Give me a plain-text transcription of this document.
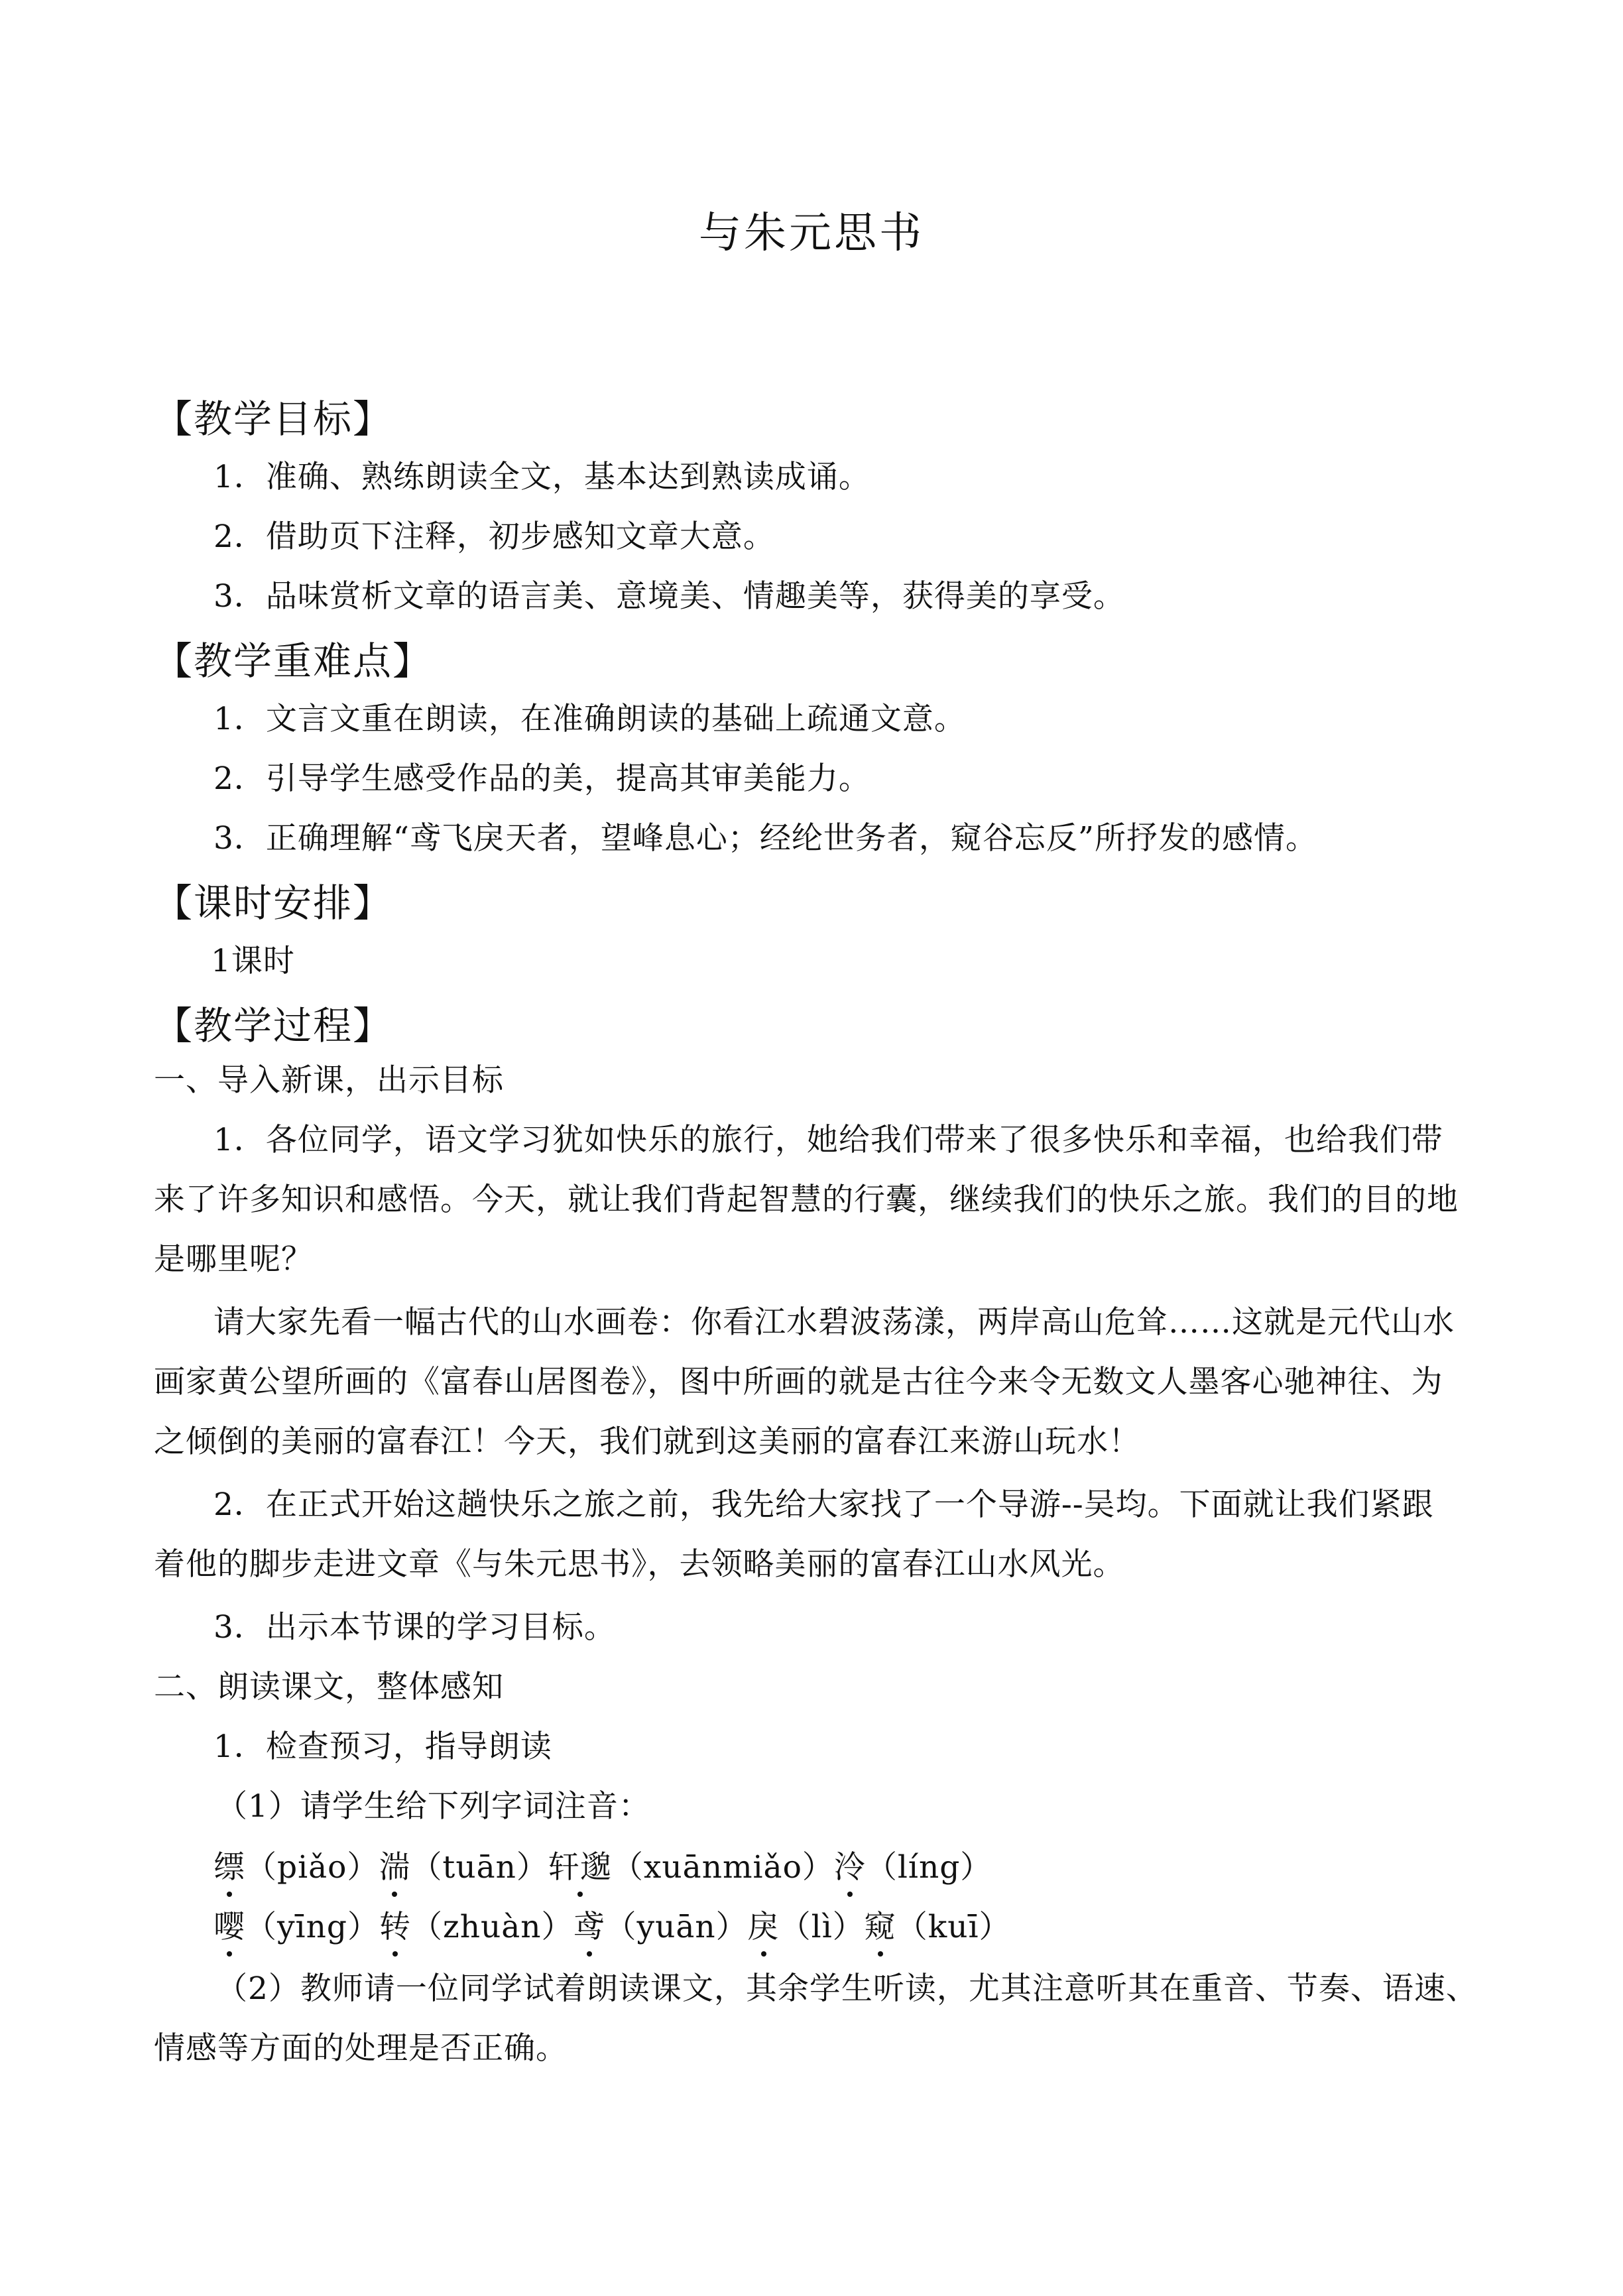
与朱元思书
【教学目标】
1．准确、熟练朗读全文，基本达到熟读成诵。
2．借助页下注释，初步感知文章大意。
3．品味赏析文章的语言美、意境美、情趣美等，获得美的享受。
【教学重难点】
1．文言文重在朗读，在准确朗读的基础上疏通文意。
2．引导学生感受作品的美，提高其审美能力。
3．正确理解“鸢飞戾天者，望峰息心；经纶世务者，窥谷忘反”所抒发的感情。
【课时安排】
1课时
【教学过程】
一、导入新课，出示目标
1．各位同学，语文学习犹如快乐的旅行，她给我们带来了很多快乐和幸福，也给我们带
来了许多知识和感悟。今天，就让我们背起智慧的行囊，继续我们的快乐之旅。我们的目的地
是哪里呢？
请大家先看一幅古代的山水画卷：你看江水碧波荡漾，两岸高山危耸……这就是元代山水
画家黄公望所画的《富春山居图卷》，图中所画的就是古往今来令无数文人墨客心驰神往、为
之倾倒的美丽的富春江！今天，我们就到这美丽的富春江来游山玩水！
2．在正式开始这趟快乐之旅之前，我先给大家找了一个导游--吴均。下面就让我们紧跟
着他的脚步走进文章《与朱元思书》，去领略美丽的富春江山水风光。
3．出示本节课的学习目标。
二、朗读课文，整体感知
1．检查预习，指导朗读
（1）请学生给下列字词注音：
缥（piǎo）湍（tuān）轩邈（xuānmiǎo）泠（líng）
嘤（yīng）转（zhuàn）鸢（yuān）戾（lì）窥（kuī）
（2）教师请一位同学试着朗读课文，其余学生听读，尤其注意听其在重音、节奏、语速、
情感等方面的处理是否正确。
